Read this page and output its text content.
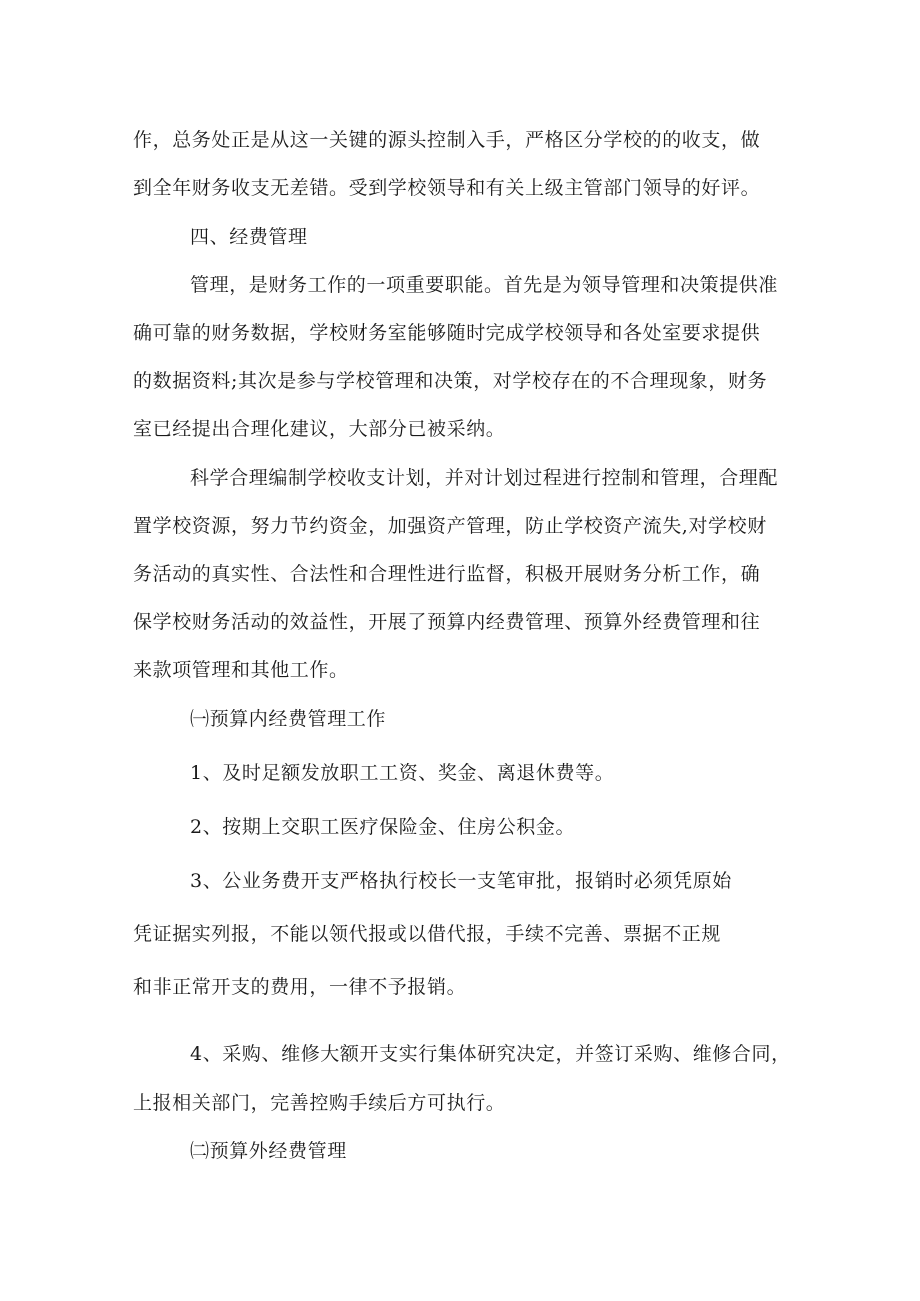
作，总务处正是从这一关键的源头控制入手，严格区分学校的的收支，做
到全年财务收支无差错。受到学校领导和有关上级主管部门领导的好评。
四、经费管理
管理，是财务工作的一项重要职能。首先是为领导管理和决策提供准
确可靠的财务数据，学校财务室能够随时完成学校领导和各处室要求提供
的数据资料;其次是参与学校管理和决策，对学校存在的不合理现象，财务
室已经提出合理化建议，大部分已被采纳。
科学合理编制学校收支计划，并对计划过程进行控制和管理，合理配
置学校资源，努力节约资金，加强资产管理，防止学校资产流失,对学校财
务活动的真实性、合法性和合理性进行监督，积极开展财务分析工作，确
保学校财务活动的效益性，开展了预算内经费管理、预算外经费管理和往
来款项管理和其他工作。
㈠预算内经费管理工作
1、及时足额发放职工工资、奖金、离退休费等。
2、按期上交职工医疗保险金、住房公积金。
3、公业务费开支严格执行校长一支笔审批，报销时必须凭原始
凭证据实列报，不能以领代报或以借代报，手续不完善、票据不正规
和非正常开支的费用，一律不予报销。
4、采购、维修大额开支实行集体研究决定，并签订采购、维修合同，
上报相关部门，完善控购手续后方可执行。
㈡预算外经费管理
